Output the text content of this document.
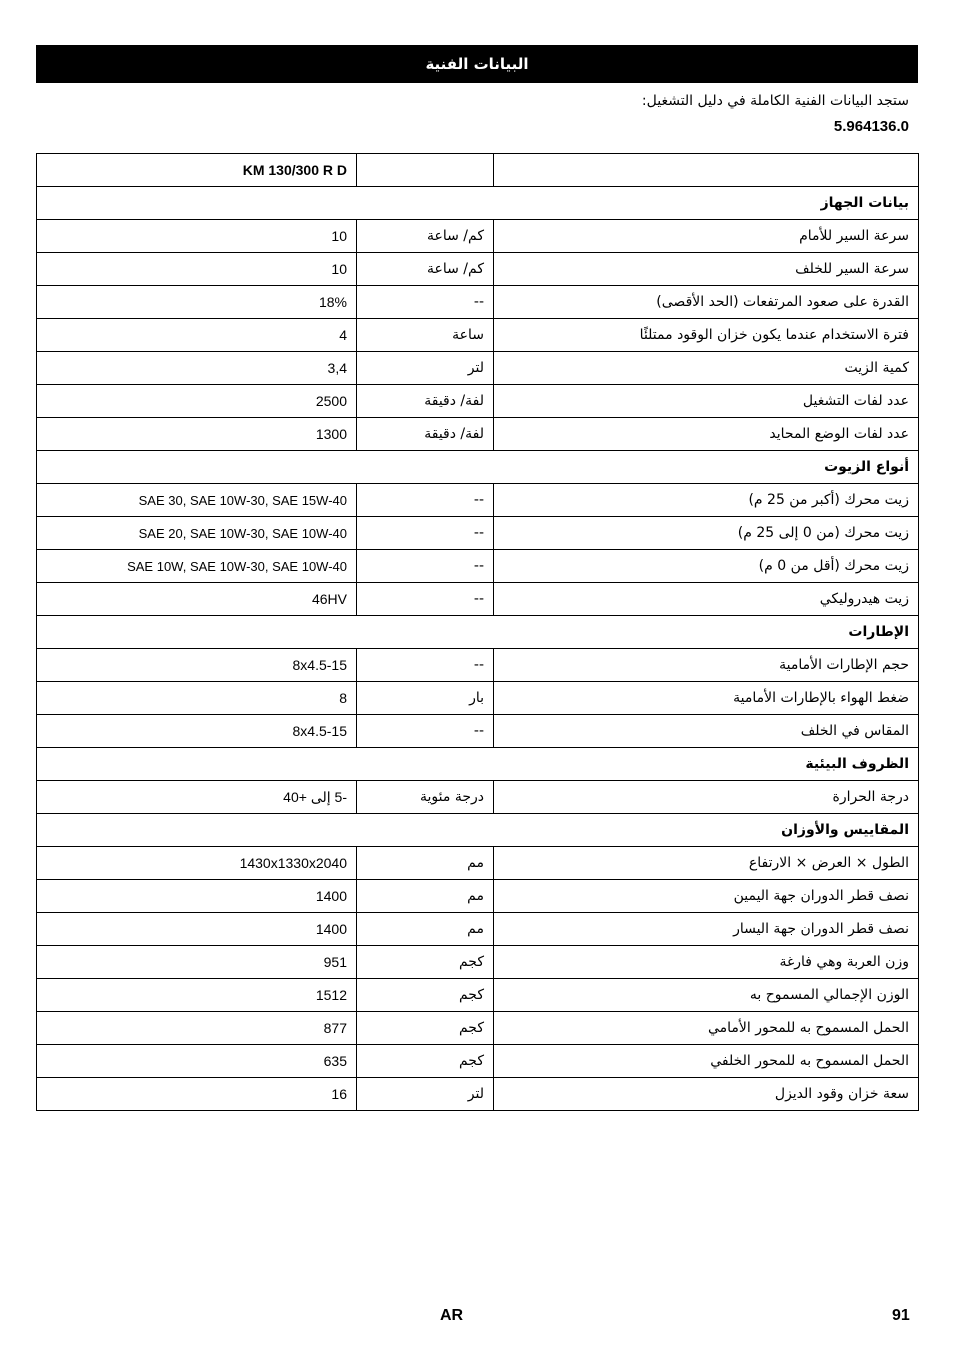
البيانات الفنية
ستجد البيانات الفنية الكاملة في دليل التشغيل:
5.964136.0
KM 130/300 R D		
بيانات الجهاز		
10	كم/ ساعة	سرعة السير للأمام
10	كم/ ساعة	سرعة السير للخلف
18%	--	القدرة على صعود المرتفعات (الحد الأقصى)
4	ساعة	فترة الاستخدام عندما يكون خزان الوقود ممتلئًا
3,4	لتر	كمية الزيت
2500	لفة/ دقيقة	عدد لفات التشغيل
1300	لفة/ دقيقة	عدد لفات الوضع المحايد
أنواع الزيوت		
SAE 30, SAE 10W-30, SAE 15W-40	--	زيت محرك (أكبر من 25 م)
SAE 20, SAE 10W-30, SAE 10W-40	--	زيت محرك (من 0 إلى 25 م)
SAE 10W, SAE 10W-30, SAE 10W-40	--	زيت محرك (أقل من 0 م)
46HV	--	زيت هيدروليكي
الإطارات		
8x4.5-15	--	حجم الإطارات الأمامية
8	بار	ضغط الهواء بالإطارات الأمامية
8x4.5-15	--	المقاس في الخلف
الظروف البيئية		
-5 إلى +40	درجة مئوية	درجة الحرارة
المقاييس والأوزان		
1430x1330x2040	مم	الطول × العرض × الارتفاع
1400	مم	نصف قطر الدوران جهة اليمين
1400	مم	نصف قطر الدوران جهة اليسار
951	كجم	وزن العربة وهي فارغة
1512	كجم	الوزن الإجمالي المسموح به
877	كجم	الحمل المسموح به للمحور الأمامي
635	كجم	الحمل المسموح به للمحور الخلفي
16	لتر	سعة خزان وقود الديزل
AR	91
